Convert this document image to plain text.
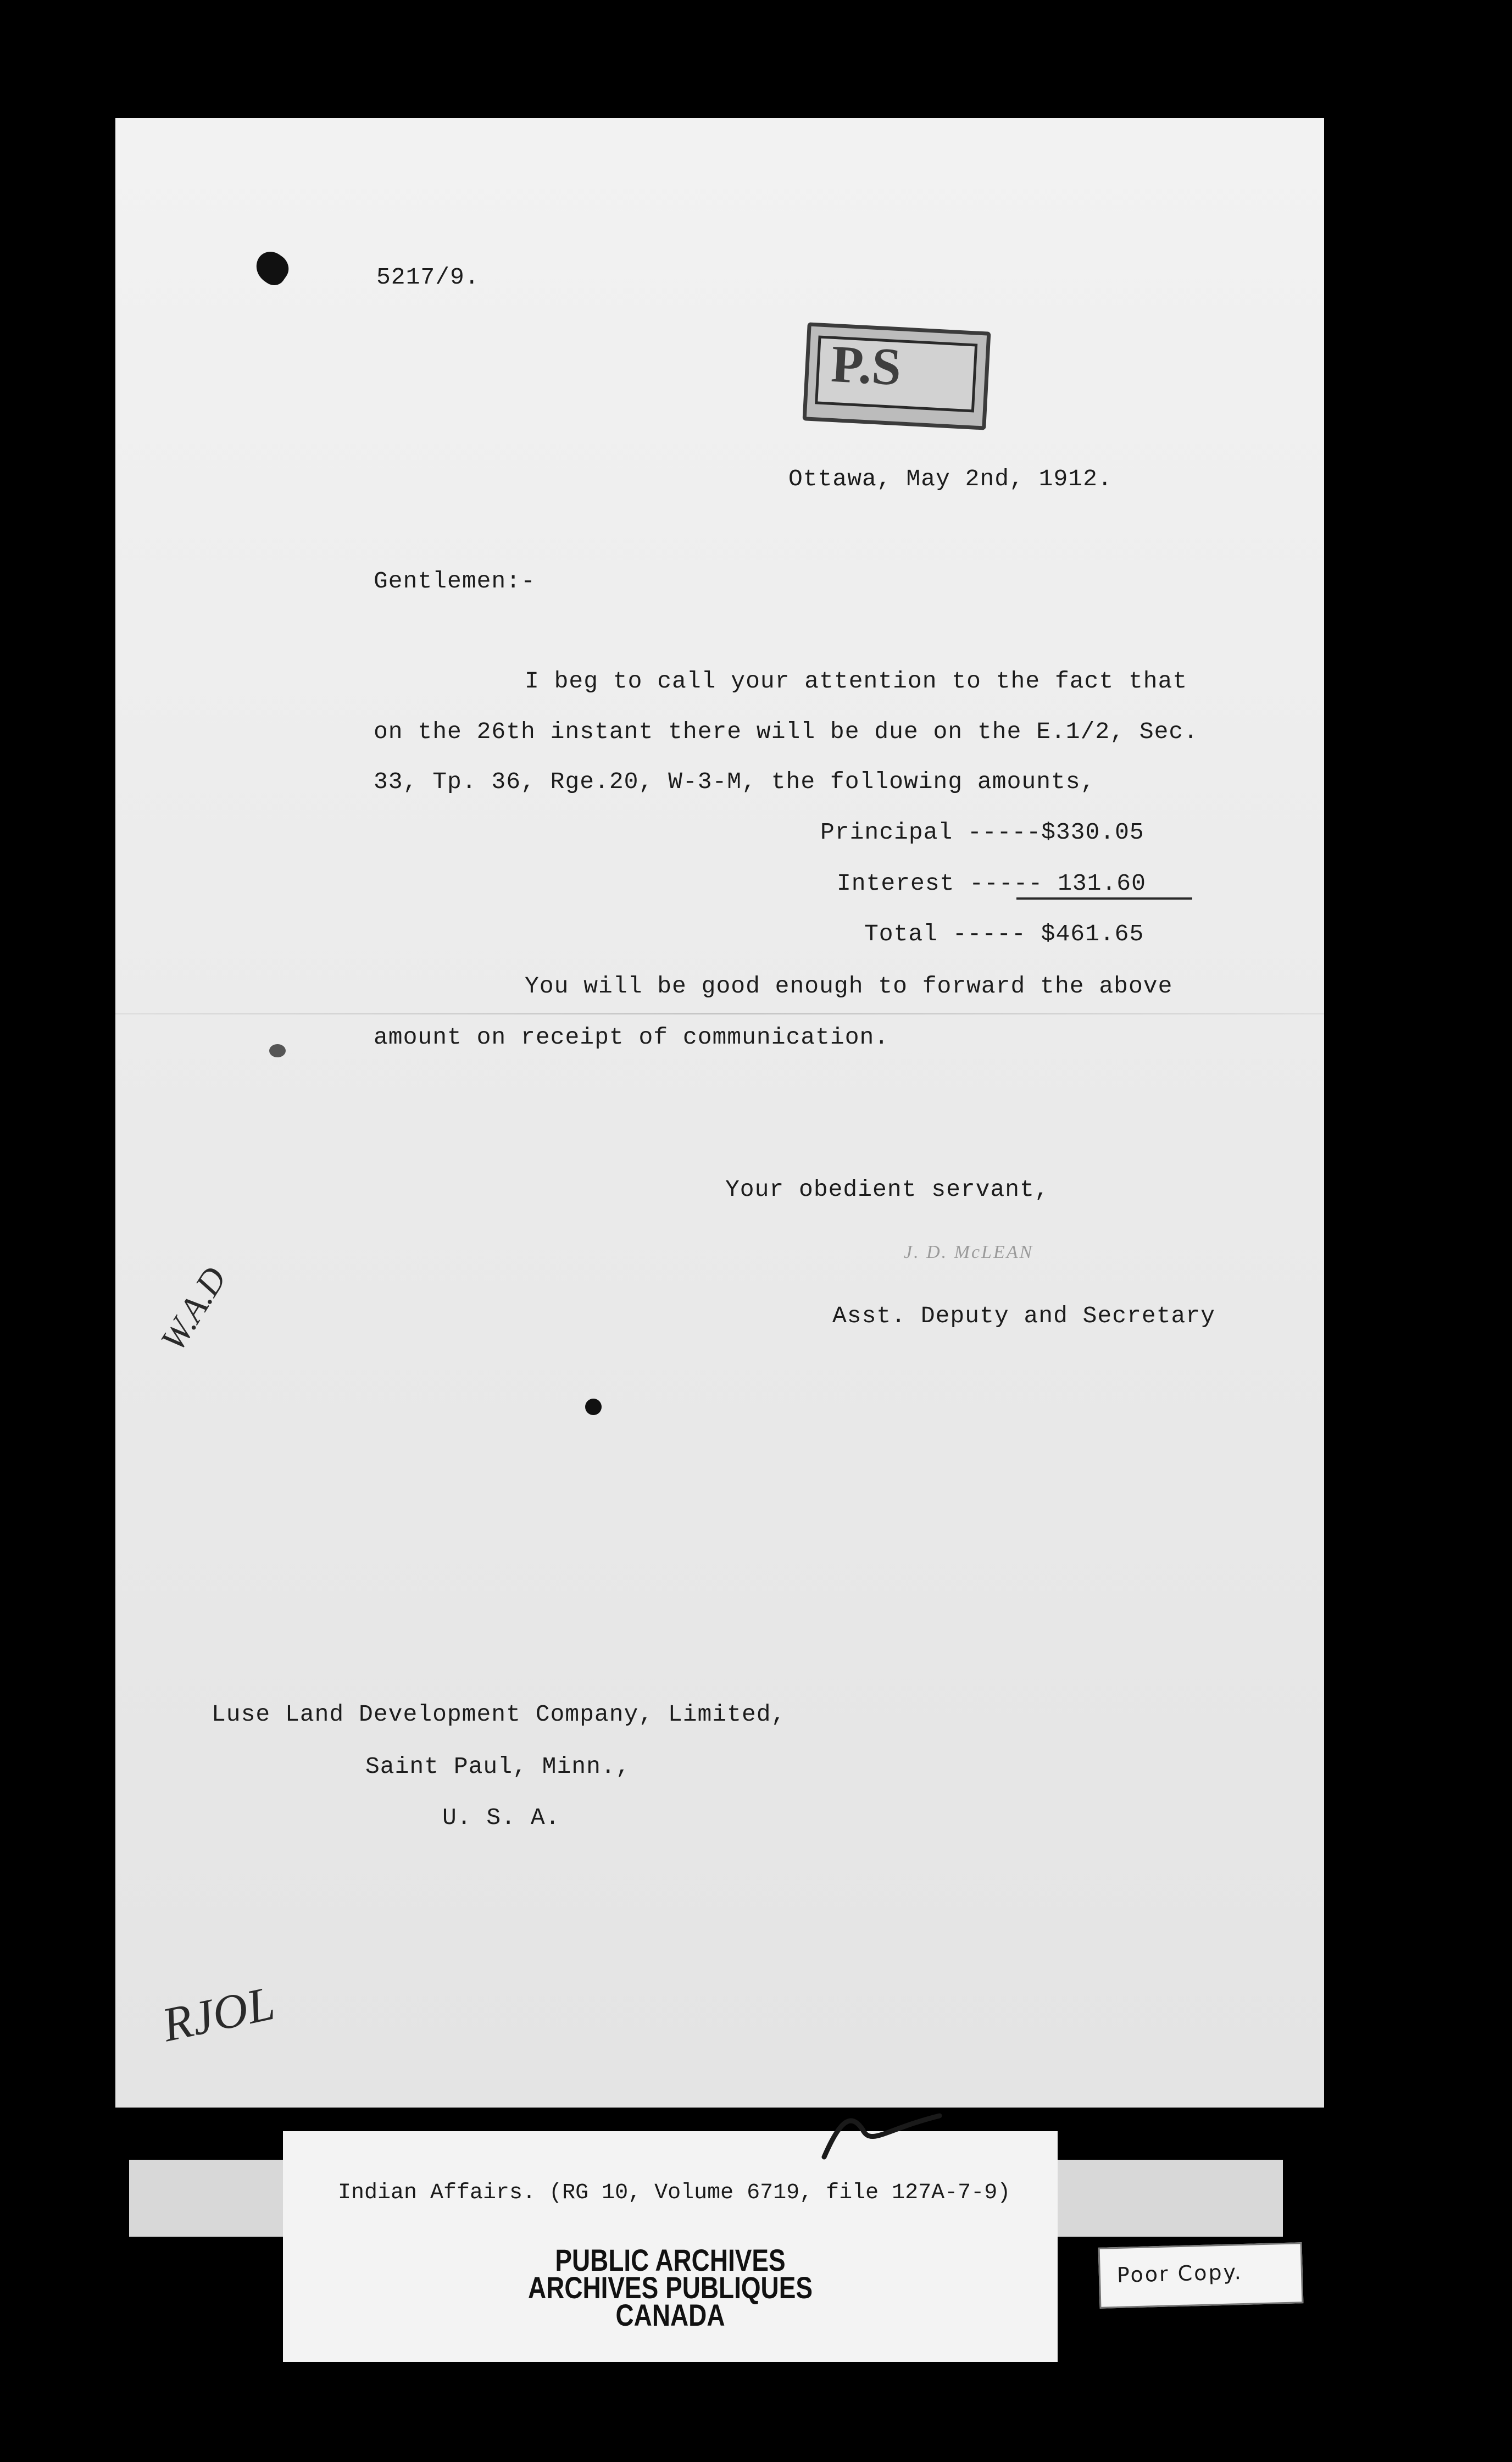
5217/9.
P.S
Ottawa, May 2nd, 1912.
Gentlemen:-
I beg to call your attention to the fact that
on the 26th instant there will be due on the E.1/2, Sec.
33, Tp. 36, Rge.20, W-3-M, the following amounts,
Principal -----$330.05
Interest ----- 131.60
Total ----- $461.65
You will be good enough to forward the above
amount on receipt of communication.
Your obedient servant,
J. D. McLEAN
Asst. Deputy and Secretary
W.A.D
Luse Land Development Company, Limited,
Saint Paul, Minn.,
U. S. A.
RJOL
Indian Affairs. (RG 10, Volume 6719, file 127A-7-9)
PUBLIC ARCHIVES
ARCHIVES PUBLIQUES
CANADA
Poor Copy.
